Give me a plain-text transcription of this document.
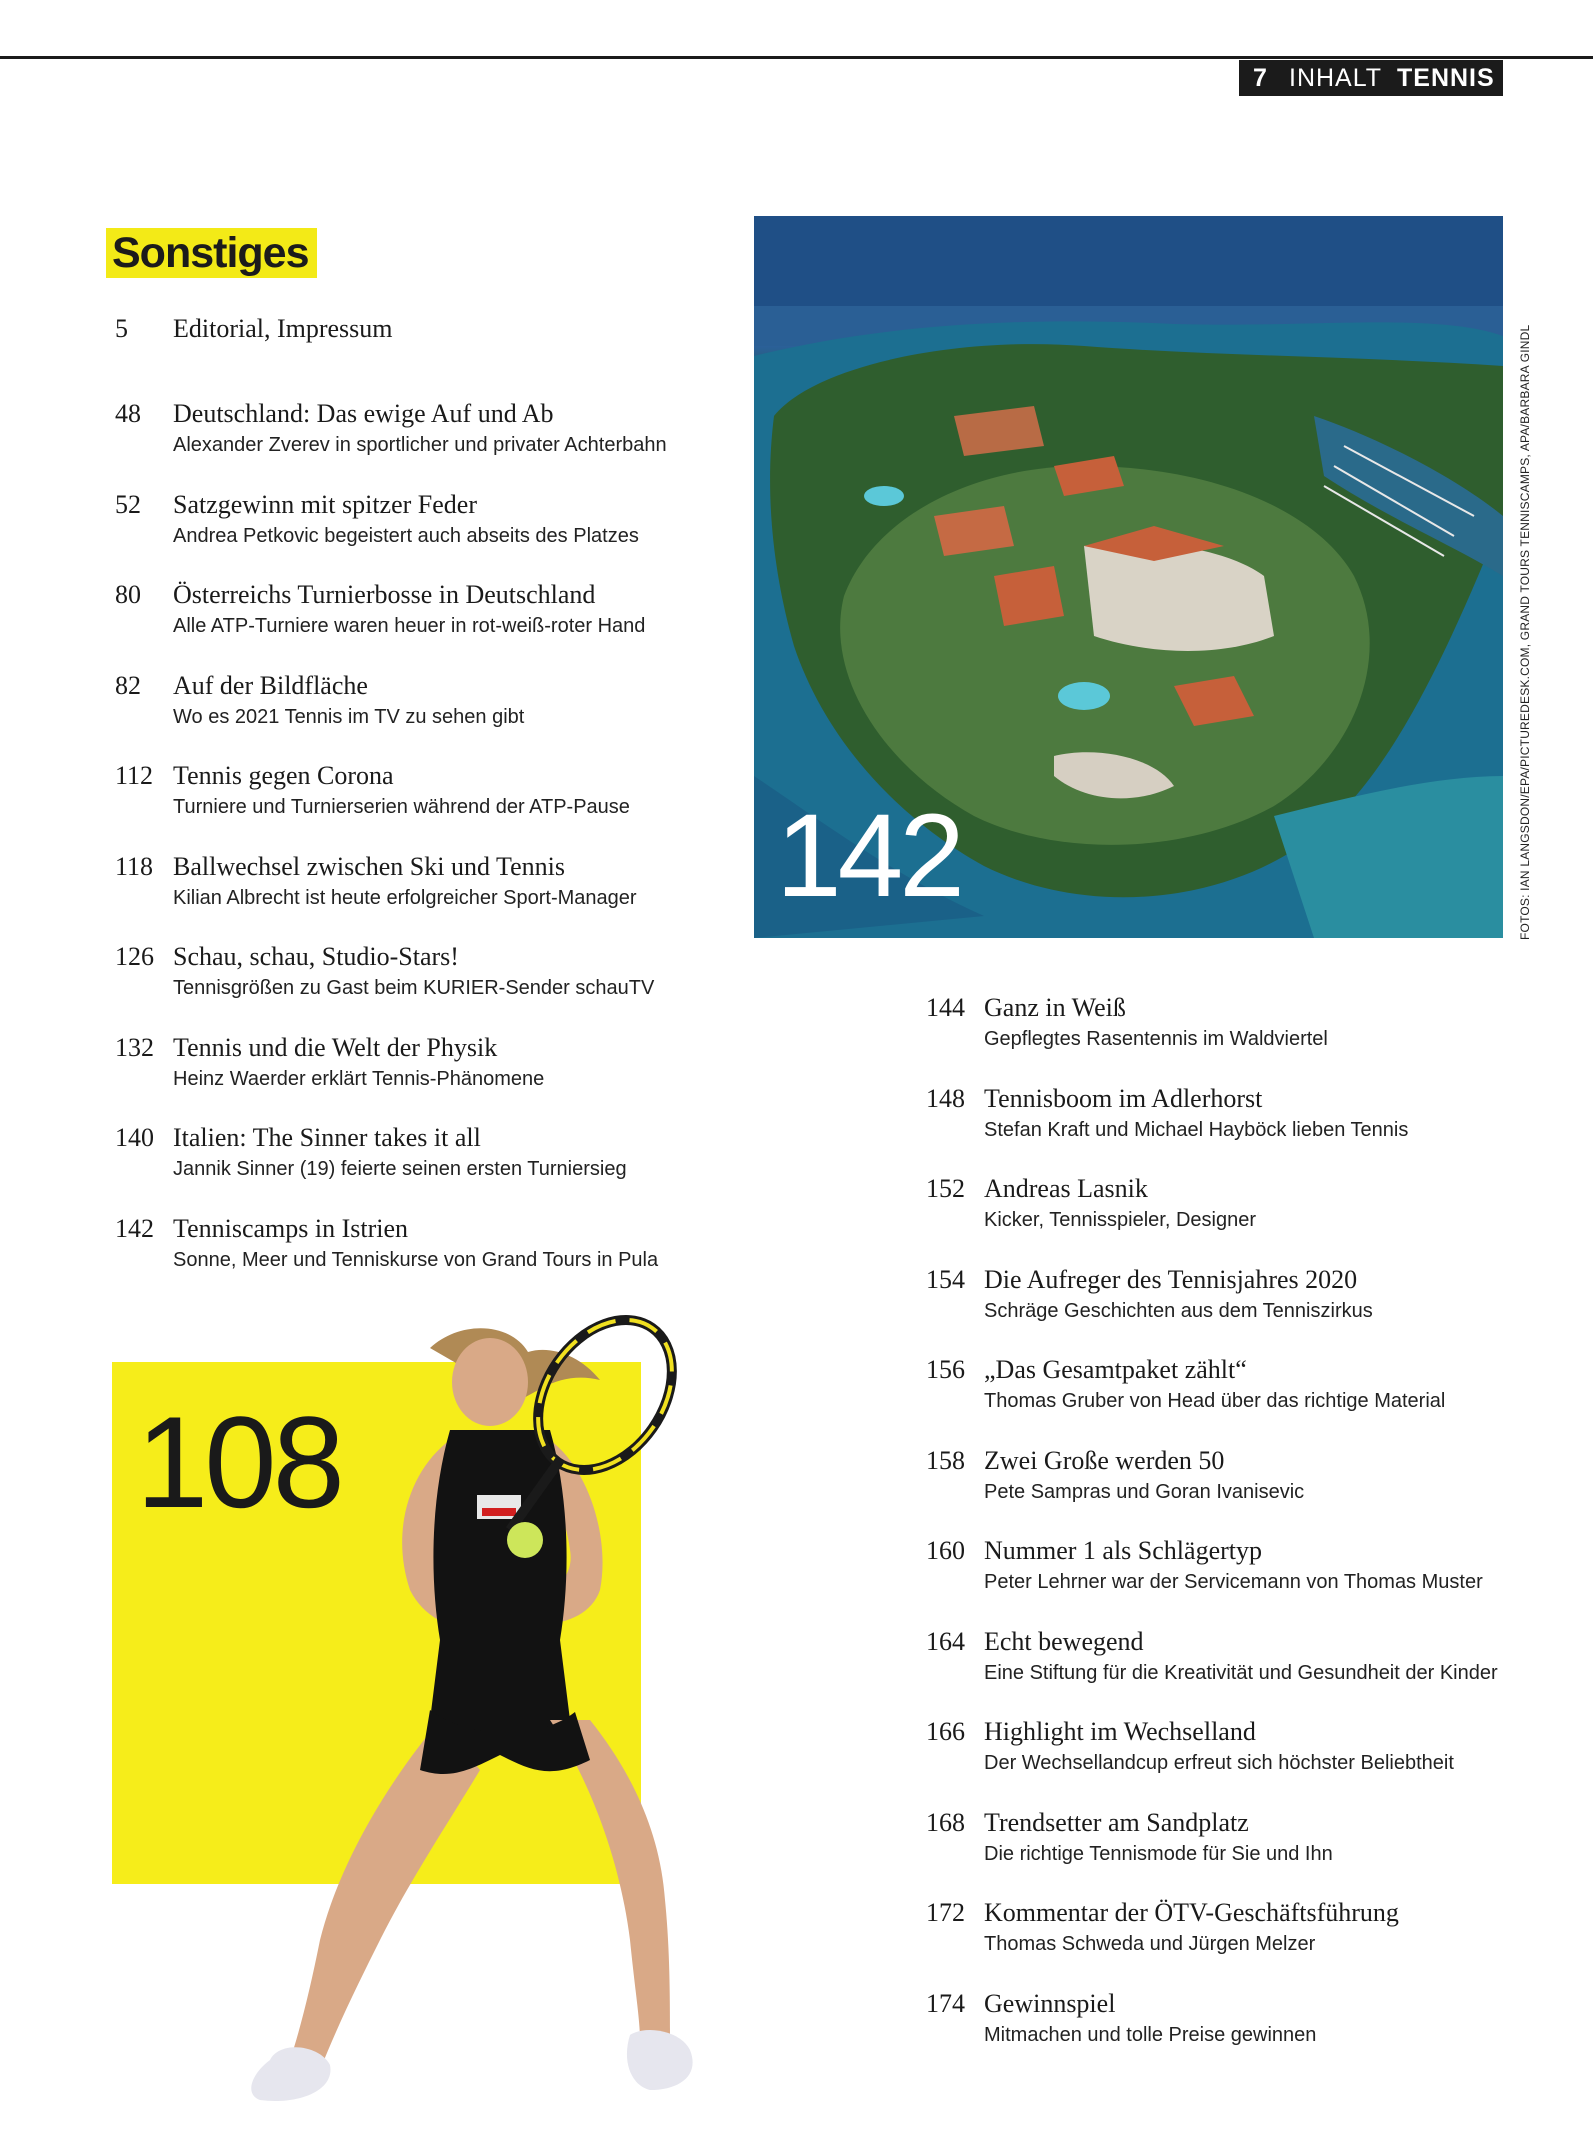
7 INHALT TENNIS
Sonstiges
5 Editorial, Impressum
48 Deutschland: Das ewige Auf und Ab
Alexander Zverev in sportlicher und privater Achterbahn
52 Satzgewinn mit spitzer Feder
Andrea Petkovic begeistert auch abseits des Platzes
80 Österreichs Turnierbosse in Deutschland
Alle ATP-Turniere waren heuer in rot-weiß-roter Hand
82 Auf der Bildfläche
Wo es 2021 Tennis im TV zu sehen gibt
112 Tennis gegen Corona
Turniere und Turnierserien während der ATP-Pause
118 Ballwechsel zwischen Ski und Tennis
Kilian Albrecht ist heute erfolgreicher Sport-Manager
126 Schau, schau, Studio-Stars!
Tennisgrößen zu Gast beim KURIER-Sender schauTV
132 Tennis und die Welt der Physik
Heinz Waerder erklärt Tennis-Phänomene
140 Italien: The Sinner takes it all
Jannik Sinner (19) feierte seinen ersten Turniersieg
142 Tenniscamps in Istrien
Sonne, Meer und Tenniskurse von Grand Tours in Pula
144 Ganz in Weiß
Gepflegtes Rasentennis im Waldviertel
148 Tennisboom im Adlerhorst
Stefan Kraft und Michael Hayböck lieben Tennis
152 Andreas Lasnik
Kicker, Tennisspieler, Designer
154 Die Aufreger des Tennisjahres 2020
Schräge Geschichten aus dem Tenniszirkus
156 „Das Gesamtpaket zählt“
Thomas Gruber von Head über das richtige Material
158 Zwei Große werden 50
Pete Sampras und Goran Ivanisevic
160 Nummer 1 als Schlägertyp
Peter Lehrner war der Servicemann von Thomas Muster
164 Echt bewegend
Eine Stiftung für die Kreativität und Gesundheit der Kinder
166 Highlight im Wechselland
Der Wechsellandcup erfreut sich höchster Beliebtheit
168 Trendsetter am Sandplatz
Die richtige Tennismode für Sie und Ihn
172 Kommentar der ÖTV-Geschäftsführung
Thomas Schweda und Jürgen Melzer
174 Gewinnspiel
Mitmachen und tolle Preise gewinnen
142	FOTOS: IAN LANGSDON/EPA/PICTUREDESK.COM, GRAND TOURS TENNISCAMPS, APA/BARBARA GINDL
108
